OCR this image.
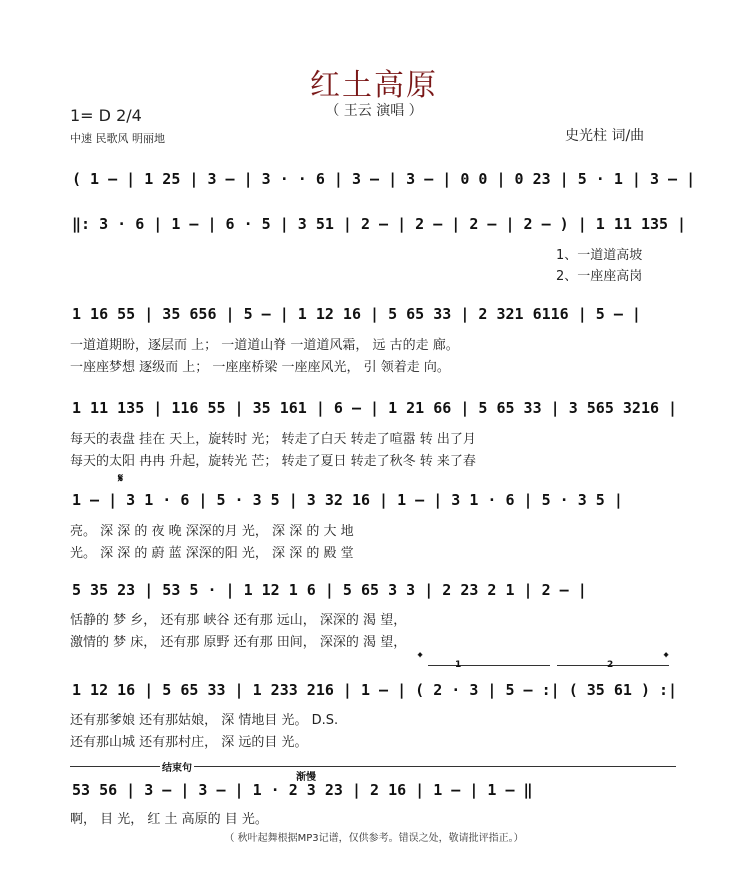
红土高原
（ 王云 演唱 ）
1= D 2/4
中速 民歌风 明丽地	史光柱 词/曲
( 1 – | 1 25 | 3 – | 3 · · 6 | 3 – | 3 – | 0 0 | 0 23 | 5 · 1 | 3 – |
‖: 3 · 6 | 1 – | 6 · 5 | 3 51 | 2 – | 2 – | 2 – | 2 – ) | 1 11 135 |
1、一道道高坡
2、一座座高岗
1 16 55 | 35 656 | 5 – | 1 12 16 | 5 65 33 | 2 321 6116 | 5 – |
一道道期盼，逐层而 上； 一道道山脊 一道道风霜， 远 古的走 廊。
一座座梦想 逐级而 上； 一座座桥梁 一座座风光， 引 领着走 向。
1 11 135 | 116 55 | 35 161 | 6 – | 1 21 66 | 5 65 33 | 3 565 3216 |
每天的表盘 挂在 天上，旋转时 光； 转走了白天 转走了喧嚣 转 出了月
每天的太阳 冉冉 升起，旋转光 芒； 转走了夏日 转走了秋冬 转 来了春
𝄋
1 – | 3 1 · 6 | 5 · 3 5 | 3 32 16 | 1 – | 3 1 · 6 | 5 · 3 5 |
亮。 深 深 的 夜 晚 深深的月 光， 深 深 的 大 地
光。 深 深 的 蔚 蓝 深深的阳 光， 深 深 的 殿 堂
5 35 23 | 53 5 · | 1 12 1 6 | 5 65 3 3 | 2 23 2 1 | 2 – |
恬静的 梦 乡， 还有那 峡谷 还有那 远山， 深深的 渴 望，
激情的 梦 床， 还有那 原野 还有那 田间， 深深的 渴 望，
𝄌	𝄌
1	2
1 12 16 | 5 65 33 | 1 233 216 | 1 – | ( 2 · 3 | 5 – :| ( 35 61 ) :|
还有那爹娘 还有那姑娘， 深 情地目 光。 D.S.
还有那山城 还有那村庄， 深 远的目 光。
结束句
渐慢
53 56 | 3 – | 3 – | 1 · 2 3 23 | 2 16 | 1 – | 1 – ‖
啊， 目 光， 红 土 高原的 目 光。
（ 秋叶起舞根据MP3记谱，仅供参考。错误之处，敬请批评指正。）
